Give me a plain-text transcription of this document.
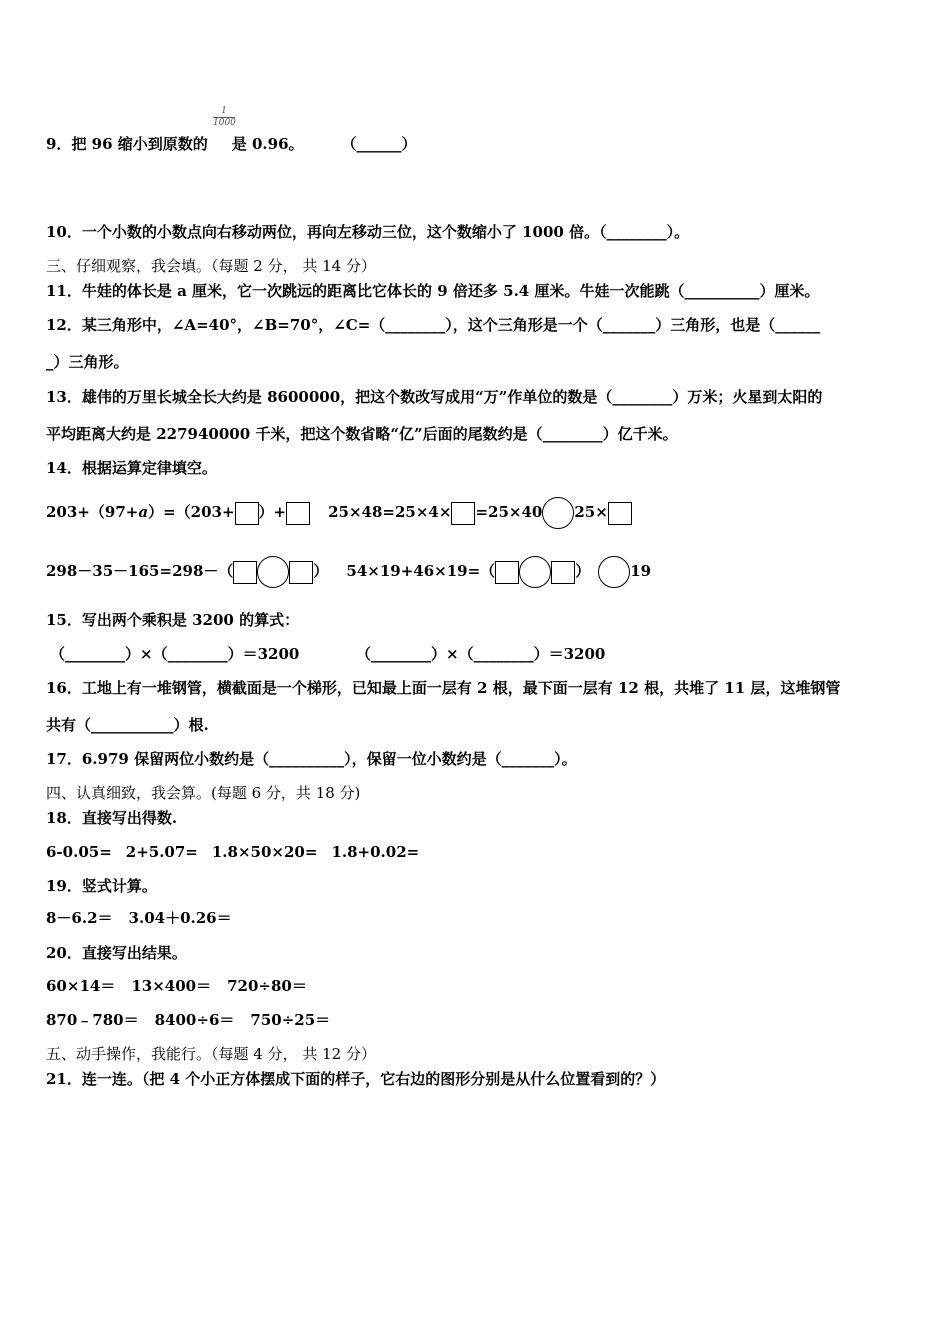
$\frac{1}{1000}$
9．把 96 缩小到原数的 是 0.96。	（______）
10．一个小数的小数点向右移动两位，再向左移动三位，这个数缩小了 1000 倍。（________）。
三、仔细观察，我会填。（每题 2 分， 共 14 分）
11．牛娃的体长是 a 厘米，它一次跳远的距离比它体长的 9 倍还多 5.4 厘米。牛娃一次能跳（__________）厘米。
12．某三角形中，∠A=40°，∠B=70°，∠C=（________），这个三角形是一个（_______）三角形，也是（______
_）三角形。
13．雄伟的万里长城全长大约是 8600000，把这个数改写成用“万”作单位的数是（________）万米；火星到太阳的
平均距离大约是 227940000 千米，把这个数省略“亿”后面的尾数约是（________）亿千米。
14．根据运算定律填空。
203+（97+a）=（203+ ）+	25×48=25×4× =25×40 25×
298－35－165=298－（	） 54×19+46×19=（	）	19
15．写出两个乘积是 3200 的算式：
（________）×（________）＝3200	（________）×（________）＝3200
16．工地上有一堆钢管，横截面是一个梯形，已知最上面一层有 2 根，最下面一层有 12 根，共堆了 11 层，这堆钢管
共有（___________）根.
17．6.979 保留两位小数约是（__________），保留一位小数约是（_______）。
四、认真细致，我会算。(每题 6 分，共 18 分)
18．直接写出得数.
6-0.05= 2+5.07= 1.8×50×20= 1.8+0.02=
19．竖式计算。
8－6.2＝ 3.04＋0.26＝
20．直接写出结果。
60×14＝ 13×400＝ 720÷80＝
870﹣780＝ 8400÷6＝ 750÷25＝
五、动手操作，我能行。（每题 4 分， 共 12 分）
21．连一连。（把 4 个小正方体摆成下面的样子，它右边的图形分别是从什么位置看到的？）
